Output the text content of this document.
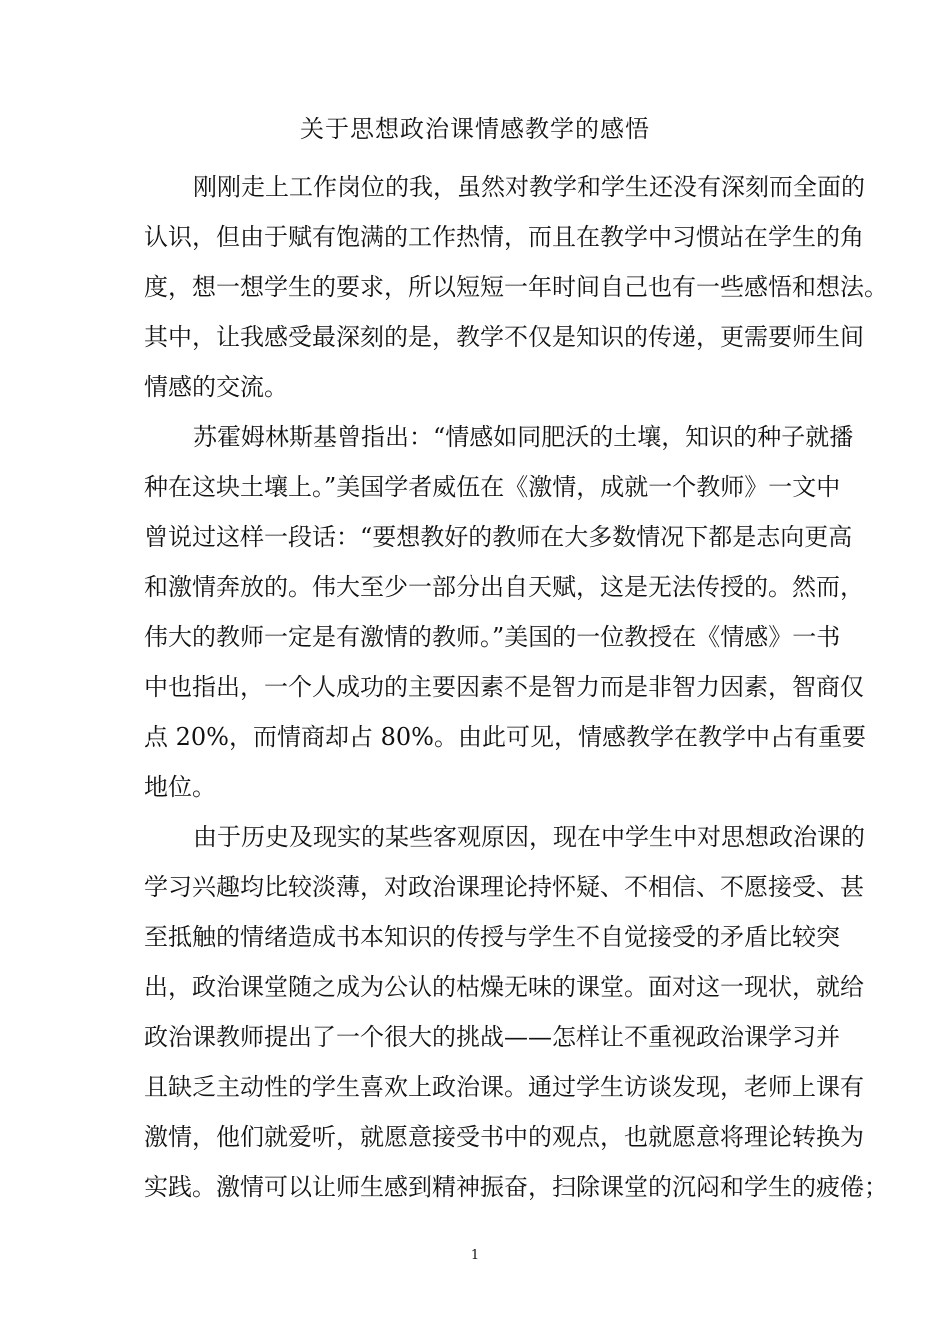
关于思想政治课情感教学的感悟
刚刚走上工作岗位的我，虽然对教学和学生还没有深刻而全面的
认识，但由于赋有饱满的工作热情，而且在教学中习惯站在学生的角
度，想一想学生的要求，所以短短一年时间自己也有一些感悟和想法。
其中，让我感受最深刻的是，教学不仅是知识的传递，更需要师生间
情感的交流。
苏霍姆林斯基曾指出：“情感如同肥沃的土壤，知识的种子就播
种在这块土壤上。”美国学者威伍在《激情，成就一个教师》一文中
曾说过这样一段话：“要想教好的教师在大多数情况下都是志向更高
和激情奔放的。伟大至少一部分出自天赋，这是无法传授的。然而，
伟大的教师一定是有激情的教师。”美国的一位教授在《情感》一书
中也指出，一个人成功的主要因素不是智力而是非智力因素，智商仅
点 20%，而情商却占 80%。由此可见，情感教学在教学中占有重要
地位。
由于历史及现实的某些客观原因，现在中学生中对思想政治课的
学习兴趣均比较淡薄，对政治课理论持怀疑、不相信、不愿接受、甚
至抵触的情绪造成书本知识的传授与学生不自觉接受的矛盾比较突
出，政治课堂随之成为公认的枯燥无味的课堂。面对这一现状，就给
政治课教师提出了一个很大的挑战——怎样让不重视政治课学习并
且缺乏主动性的学生喜欢上政治课。通过学生访谈发现，老师上课有
激情，他们就爱听，就愿意接受书中的观点，也就愿意将理论转换为
实践。激情可以让师生感到精神振奋，扫除课堂的沉闷和学生的疲倦；
1
